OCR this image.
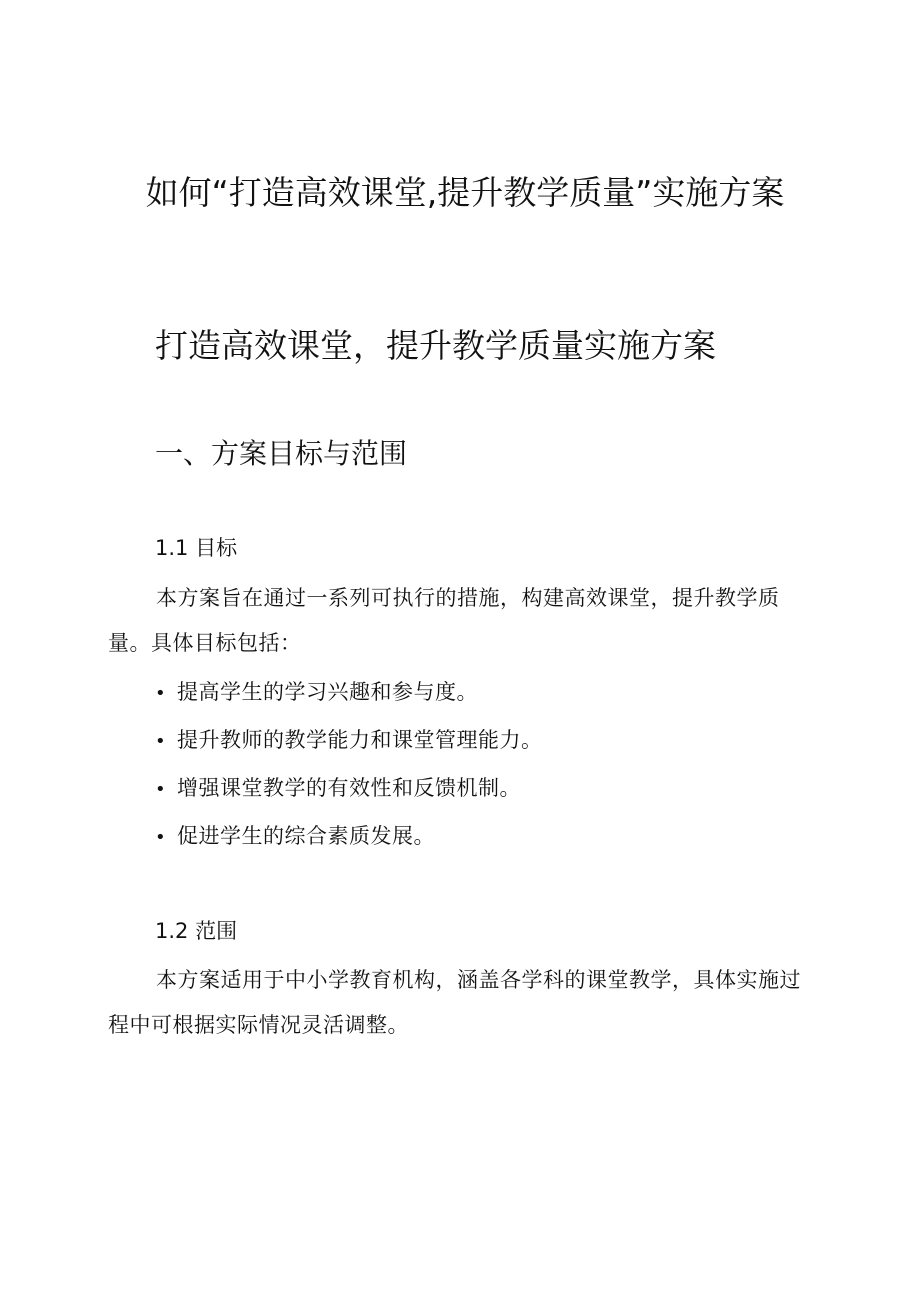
如何“打造高效课堂,提升教学质量”实施方案
打造高效课堂，提升教学质量实施方案
一、方案目标与范围
1.1 目标

本方案旨在通过一系列可执行的措施，构建高效课堂，提升教学质量。具体目标包括：

• 提高学生的学习兴趣和参与度。
• 提升教师的教学能力和课堂管理能力。
• 增强课堂教学的有效性和反馈机制。
• 促进学生的综合素质发展。
1.2 范围

本方案适用于中小学教育机构，涵盖各学科的课堂教学，具体实施过程中可根据实际情况灵活调整。
